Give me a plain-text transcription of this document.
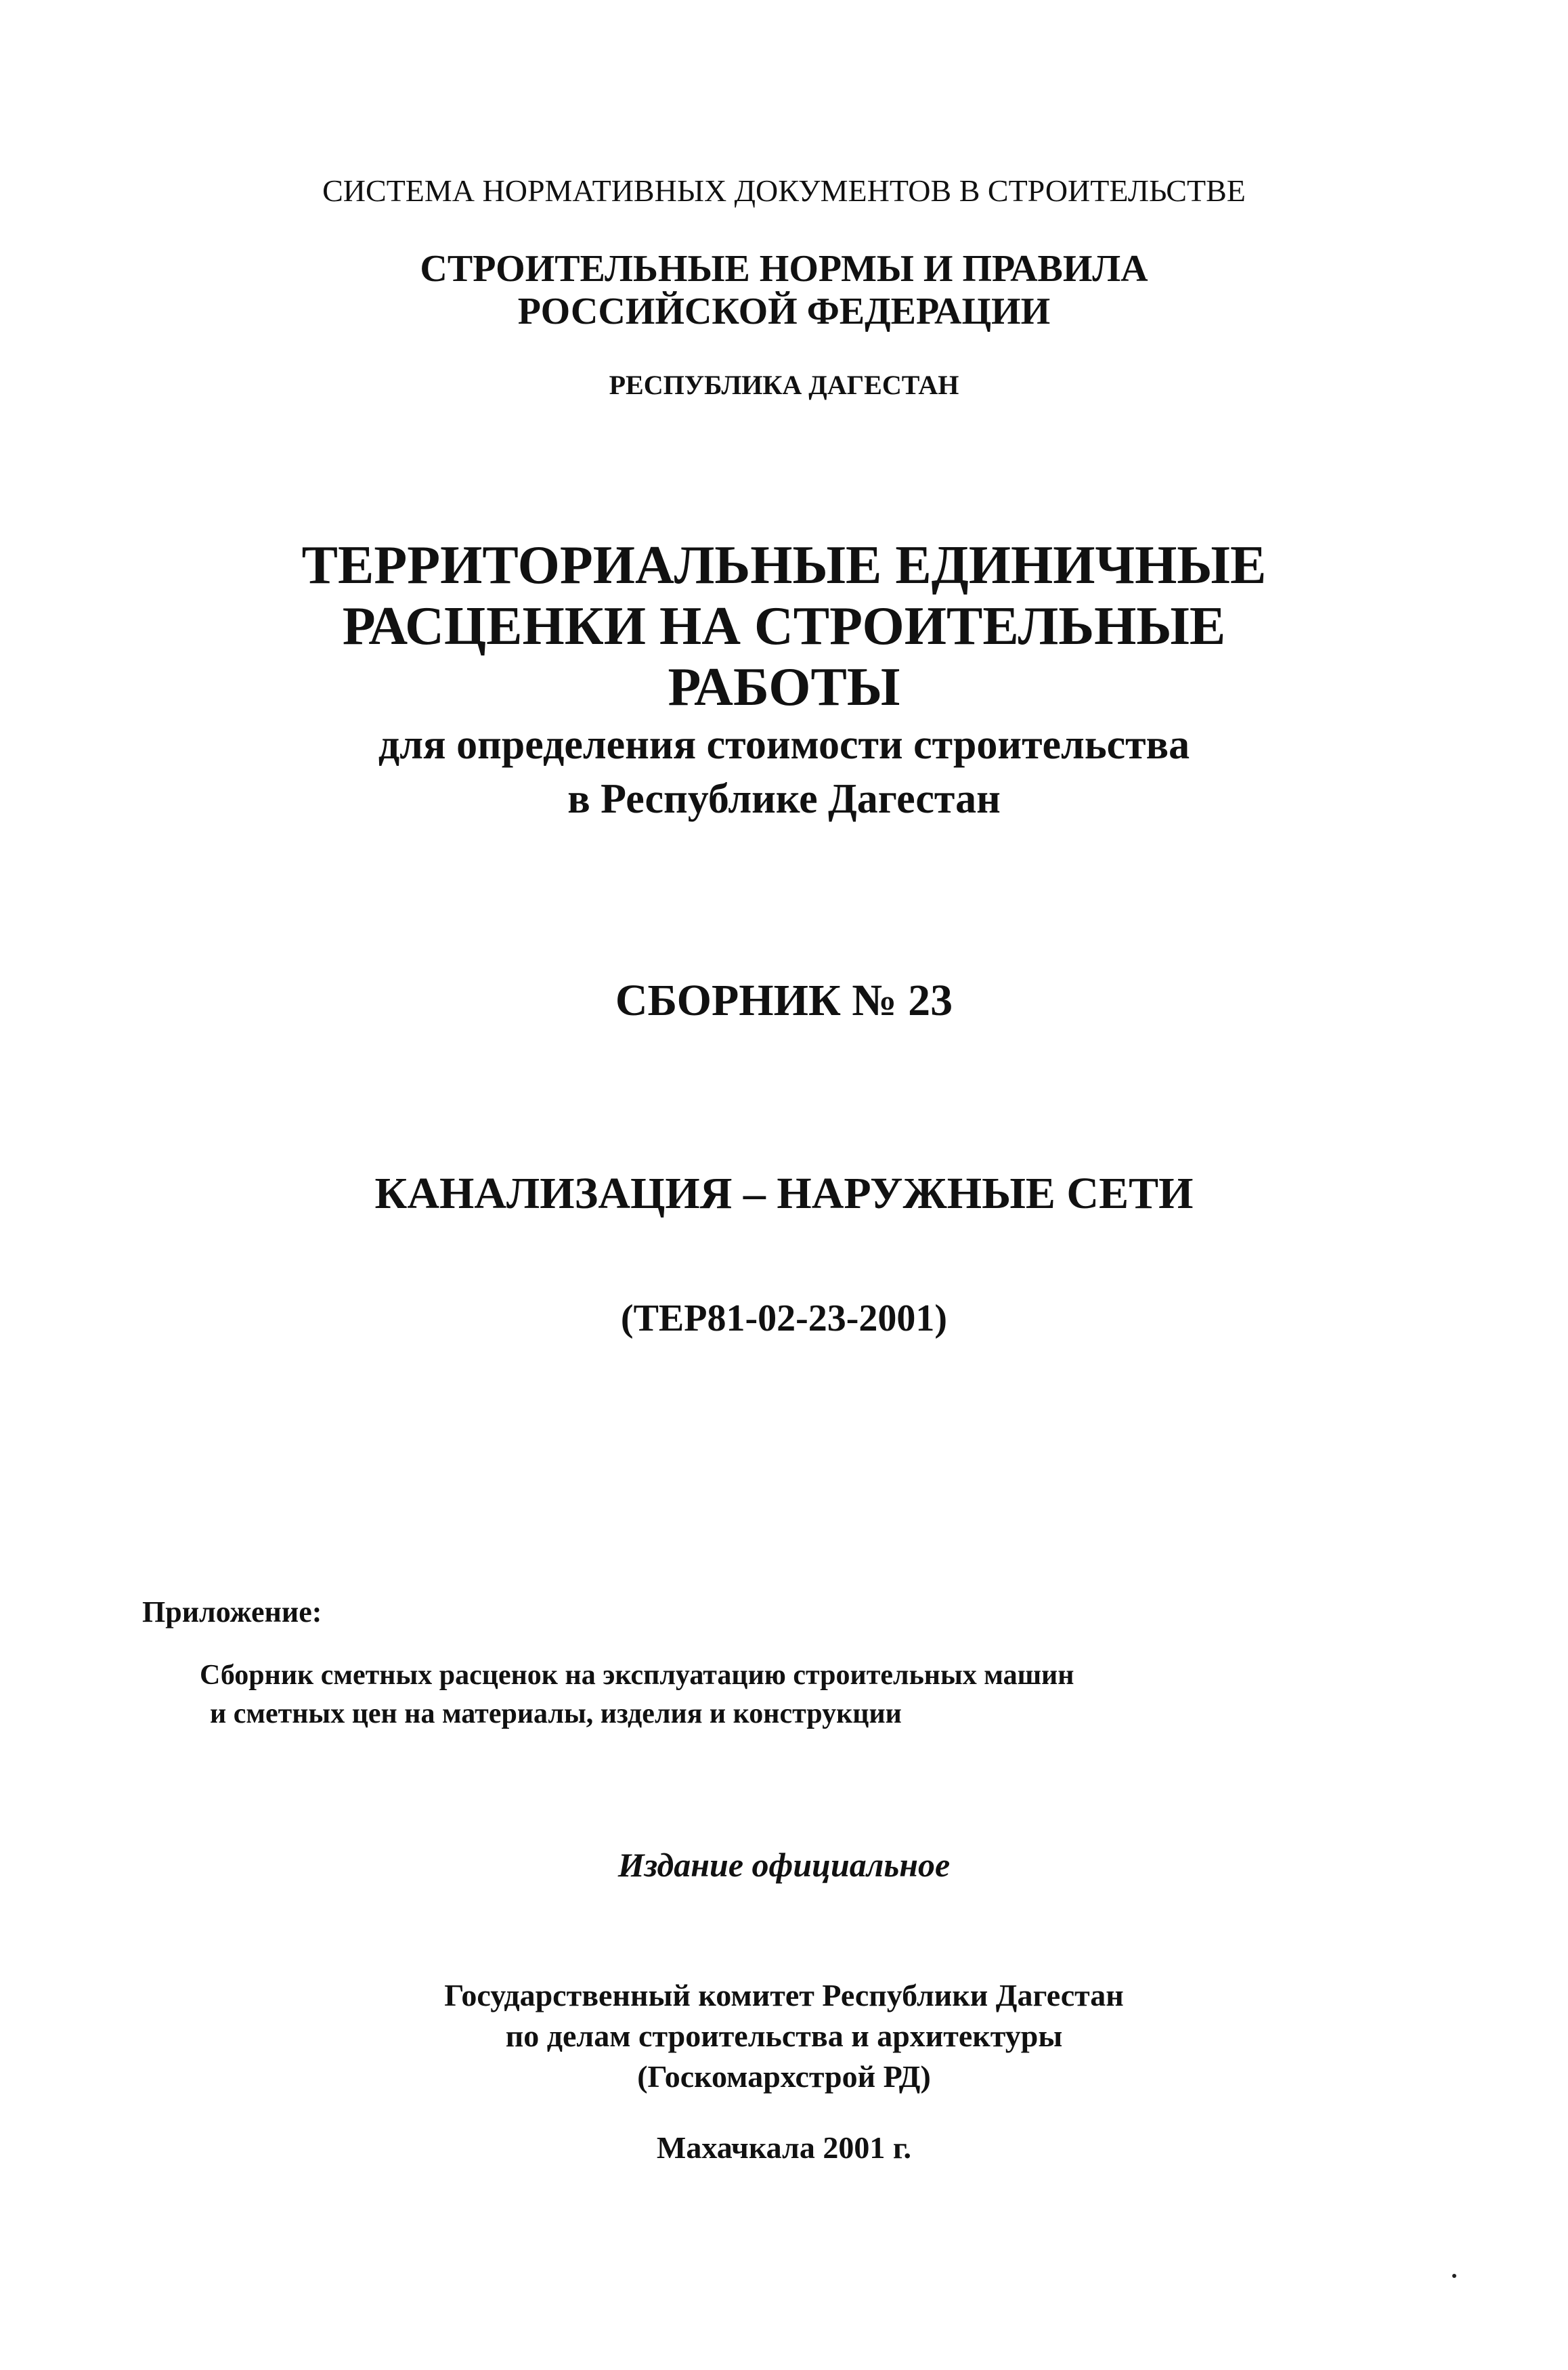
СИСТЕМА НОРМАТИВНЫХ ДОКУМЕНТОВ В СТРОИТЕЛЬСТВЕ
СТРОИТЕЛЬНЫЕ НОРМЫ И ПРАВИЛА
РОССИЙСКОЙ ФЕДЕРАЦИИ
РЕСПУБЛИКА ДАГЕСТАН
ТЕРРИТОРИАЛЬНЫЕ ЕДИНИЧНЫЕ
РАСЦЕНКИ НА СТРОИТЕЛЬНЫЕ
РАБОТЫ
для определения стоимости строительства
в Республике Дагестан
СБОРНИК № 23
КАНАЛИЗАЦИЯ – НАРУЖНЫЕ СЕТИ
(ТЕР81-02-23-2001)
Приложение:
Сборник сметных расценок на эксплуатацию строительных машин
и сметных цен на материалы, изделия и конструкции
Издание официальное
Государственный комитет Республики Дагестан
по делам строительства и архитектуры
(Госкомархстрой РД)
Махачкала 2001 г.
